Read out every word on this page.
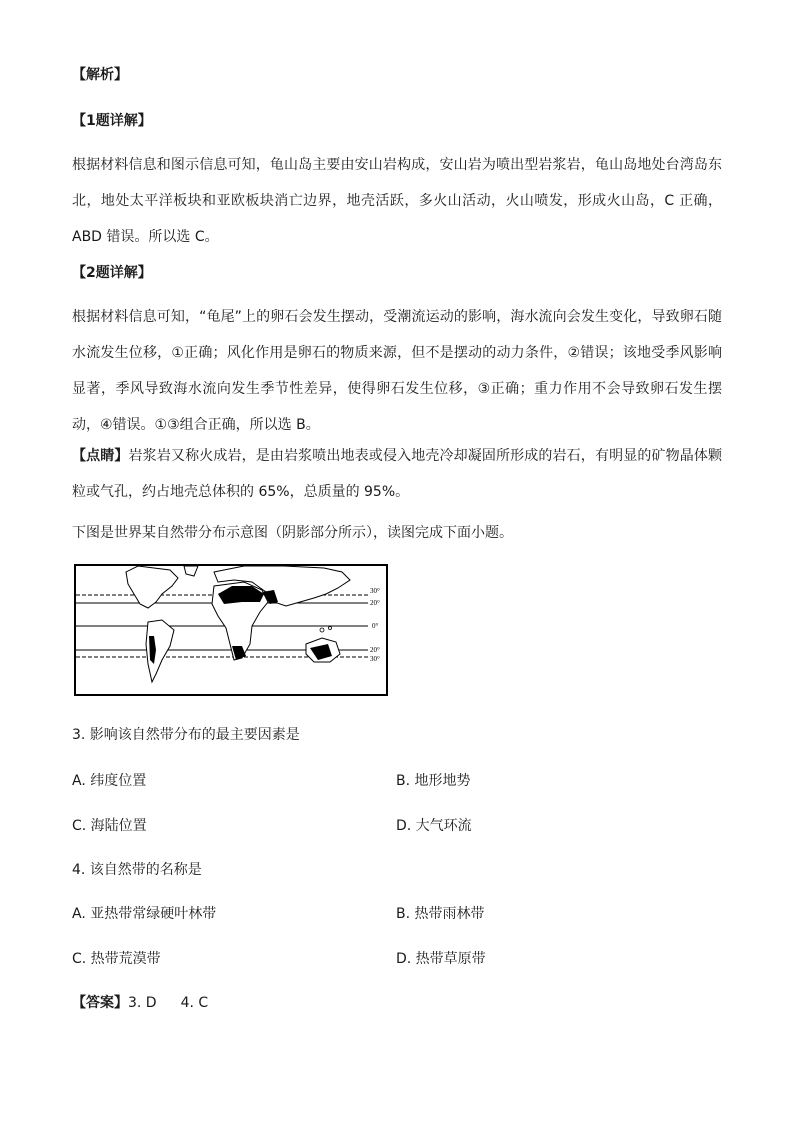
【解析】
【1题详解】
根据材料信息和图示信息可知，龟山岛主要由安山岩构成，安山岩为喷出型岩浆岩，龟山岛地处台湾岛东北，地处太平洋板块和亚欧板块消亡边界，地壳活跃，多火山活动，火山喷发，形成火山岛，C 正确，ABD 错误。所以选 C。
【2题详解】
根据材料信息可知，“龟尾”上的卵石会发生摆动，受潮流运动的影响，海水流向会发生变化，导致卵石随水流发生位移，①正确；风化作用是卵石的物质来源，但不是摆动的动力条件，②错误；该地受季风影响显著，季风导致海水流向发生季节性差异，使得卵石发生位移，③正确；重力作用不会导致卵石发生摆动，④错误。①③组合正确，所以选 B。
【点睛】岩浆岩又称火成岩，是由岩浆喷出地表或侵入地壳冷却凝固所形成的岩石，有明显的矿物晶体颗粒或气孔，约占地壳总体积的 65%，总质量的 95%。
下图是世界某自然带分布示意图（阴影部分所示），读图完成下面小题。
30°
20°
0°
20°
30°
3. 影响该自然带分布的最主要因素是
A. 纬度位置	B. 地形地势
C. 海陆位置	D. 大气环流
4. 该自然带的名称是
A. 亚热带常绿硬叶林带	B. 热带雨林带
C. 热带荒漠带	D. 热带草原带
【答案】3. D 4. C
